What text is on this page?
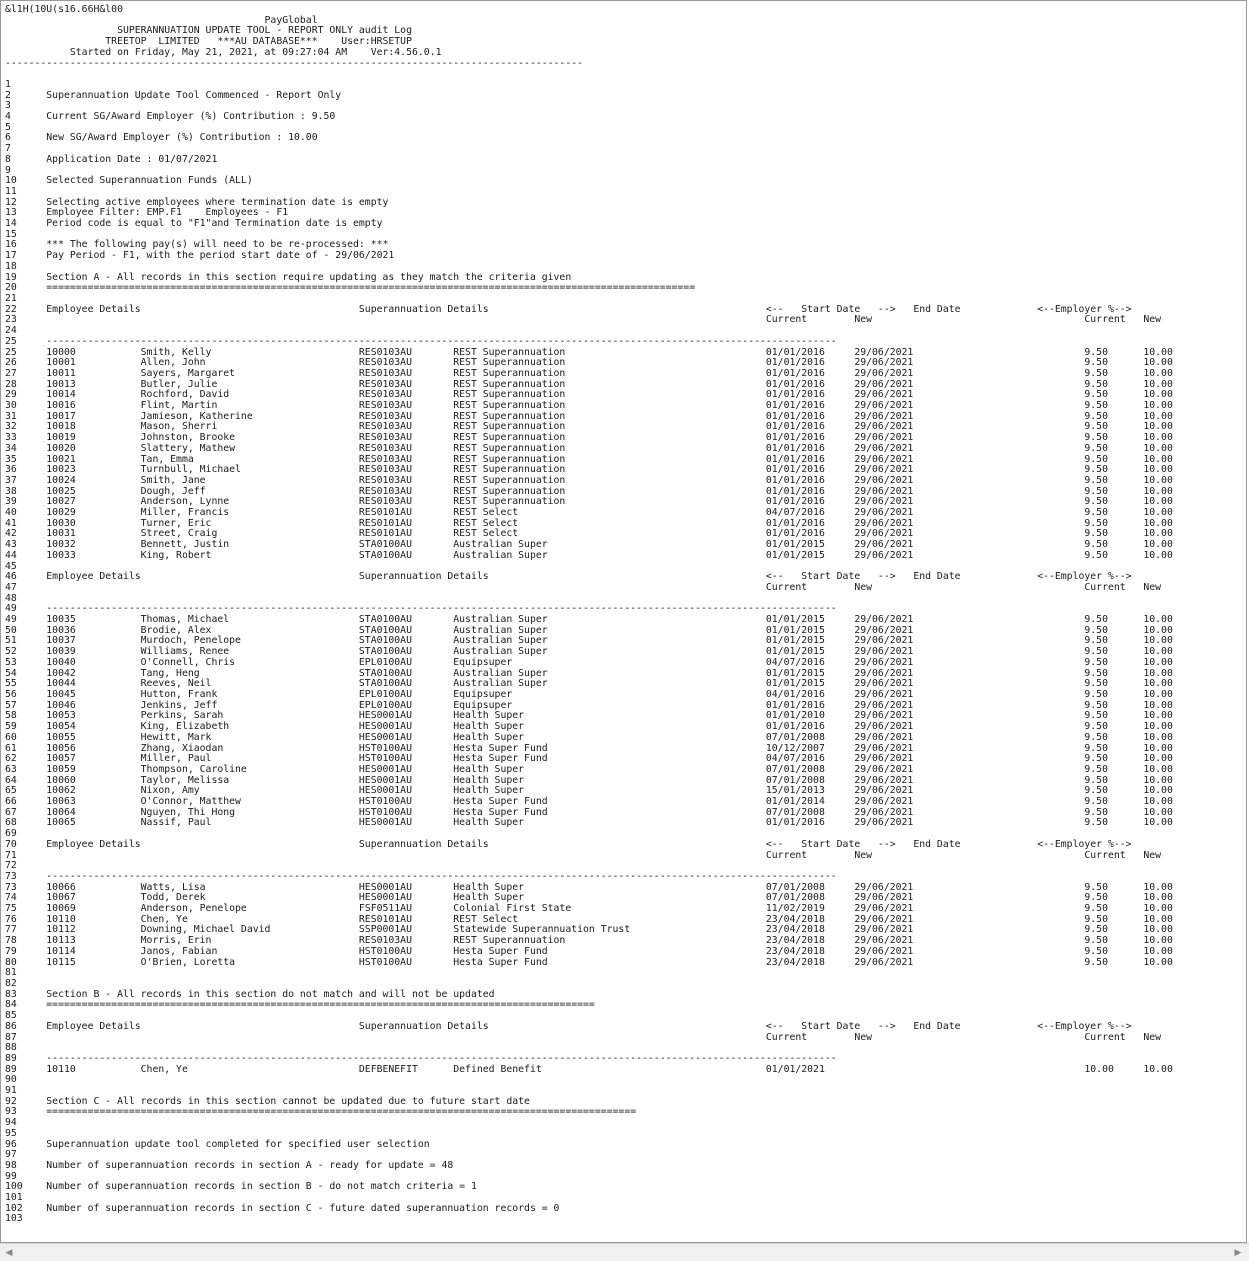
&l1H(10U(s16.66H&l00
PayGlobal
SUPERANNUATION UPDATE TOOL - REPORT ONLY audit Log
TREETOP  LIMITED   ***AU DATABASE***    User:HRSETUP
Started on Friday, May 21, 2021, at 09:27:04 AM    Ver:4.56.0.1
--------------------------------------------------------------------------------------------------

1
2      Superannuation Update Tool Commenced - Report Only
3
4      Current SG/Award Employer (%) Contribution : 9.50
5
6      New SG/Award Employer (%) Contribution : 10.00
7
8      Application Date : 01/07/2021
9
10     Selected Superannuation Funds (ALL)
11
12     Selecting active employees where termination date is empty
13     Employee Filter: EMP.F1    Employees - F1
14     Period code is equal to "F1"and Termination date is empty
15
16     *** The following pay(s) will need to be re-processed: ***
17     Pay Period - F1, with the period start date of - 29/06/2021
18
19     Section A - All records in this section require updating as they match the criteria given
20     ==============================================================================================================
21
22     Employee Details                                     Superannuation Details                                               <--   Start Date   -->   End Date             <--Employer %-->
23                                                                                                                               Current        New                                    Current   New
24
25     --------------------------------------------------------------------------------------------------------------------------------------
25     10000           Smith, Kelly                         RES0103AU       REST Superannuation                                  01/01/2016     29/06/2021                             9.50      10.00
26     10001           Allen, John                          RES0103AU       REST Superannuation                                  01/01/2016     29/06/2021                             9.50      10.00
27     10011           Sayers, Margaret                     RES0103AU       REST Superannuation                                  01/01/2016     29/06/2021                             9.50      10.00
28     10013           Butler, Julie                        RES0103AU       REST Superannuation                                  01/01/2016     29/06/2021                             9.50      10.00
29     10014           Rochford, David                      RES0103AU       REST Superannuation                                  01/01/2016     29/06/2021                             9.50      10.00
30     10016           Flint, Martin                        RES0103AU       REST Superannuation                                  01/01/2016     29/06/2021                             9.50      10.00
31     10017           Jamieson, Katherine                  RES0103AU       REST Superannuation                                  01/01/2016     29/06/2021                             9.50      10.00
32     10018           Mason, Sherri                        RES0103AU       REST Superannuation                                  01/01/2016     29/06/2021                             9.50      10.00
33     10019           Johnston, Brooke                     RES0103AU       REST Superannuation                                  01/01/2016     29/06/2021                             9.50      10.00
34     10020           Slattery, Mathew                     RES0103AU       REST Superannuation                                  01/01/2016     29/06/2021                             9.50      10.00
35     10021           Tan, Emma                            RES0103AU       REST Superannuation                                  01/01/2016     29/06/2021                             9.50      10.00
36     10023           Turnbull, Michael                    RES0103AU       REST Superannuation                                  01/01/2016     29/06/2021                             9.50      10.00
37     10024           Smith, Jane                          RES0103AU       REST Superannuation                                  01/01/2016     29/06/2021                             9.50      10.00
38     10025           Dough, Jeff                          RES0103AU       REST Superannuation                                  01/01/2016     29/06/2021                             9.50      10.00
39     10027           Anderson, Lynne                      RES0103AU       REST Superannuation                                  01/01/2016     29/06/2021                             9.50      10.00
40     10029           Miller, Francis                      RES0101AU       REST Select                                          04/07/2016     29/06/2021                             9.50      10.00
41     10030           Turner, Eric                         RES0101AU       REST Select                                          01/01/2016     29/06/2021                             9.50      10.00
42     10031           Street, Craig                        RES0101AU       REST Select                                          01/01/2016     29/06/2021                             9.50      10.00
43     10032           Bennett, Justin                      STA0100AU       Australian Super                                     01/01/2015     29/06/2021                             9.50      10.00
44     10033           King, Robert                         STA0100AU       Australian Super                                     01/01/2015     29/06/2021                             9.50      10.00
45
46     Employee Details                                     Superannuation Details                                               <--   Start Date   -->   End Date             <--Employer %-->
47                                                                                                                               Current        New                                    Current   New
48
49     --------------------------------------------------------------------------------------------------------------------------------------
49     10035           Thomas, Michael                      STA0100AU       Australian Super                                     01/01/2015     29/06/2021                             9.50      10.00
50     10036           Brodie, Alex                         STA0100AU       Australian Super                                     01/01/2015     29/06/2021                             9.50      10.00
51     10037           Murdoch, Penelope                    STA0100AU       Australian Super                                     01/01/2015     29/06/2021                             9.50      10.00
52     10039           Williams, Renee                      STA0100AU       Australian Super                                     01/01/2015     29/06/2021                             9.50      10.00
53     10040           O'Connell, Chris                     EPL0100AU       Equipsuper                                           04/07/2016     29/06/2021                             9.50      10.00
54     10042           Tang, Heng                           STA0100AU       Australian Super                                     01/01/2015     29/06/2021                             9.50      10.00
55     10044           Reeves, Neil                         STA0100AU       Australian Super                                     01/01/2015     29/06/2021                             9.50      10.00
56     10045           Hutton, Frank                        EPL0100AU       Equipsuper                                           04/01/2016     29/06/2021                             9.50      10.00
57     10046           Jenkins, Jeff                        EPL0100AU       Equipsuper                                           01/01/2016     29/06/2021                             9.50      10.00
58     10053           Perkins, Sarah                       HES0001AU       Health Super                                         01/01/2010     29/06/2021                             9.50      10.00
59     10054           King, Elizabeth                      HES0001AU       Health Super                                         01/01/2016     29/06/2021                             9.50      10.00
60     10055           Hewitt, Mark                         HES0001AU       Health Super                                         07/01/2008     29/06/2021                             9.50      10.00
61     10056           Zhang, Xiaodan                       HST0100AU       Hesta Super Fund                                     10/12/2007     29/06/2021                             9.50      10.00
62     10057           Miller, Paul                         HST0100AU       Hesta Super Fund                                     04/07/2016     29/06/2021                             9.50      10.00
63     10059           Thompson, Caroline                   HES0001AU       Health Super                                         07/01/2008     29/06/2021                             9.50      10.00
64     10060           Taylor, Melissa                      HES0001AU       Health Super                                         07/01/2008     29/06/2021                             9.50      10.00
65     10062           Nixon, Amy                           HES0001AU       Health Super                                         15/01/2013     29/06/2021                             9.50      10.00
66     10063           O'Connor, Matthew                    HST0100AU       Hesta Super Fund                                     01/01/2014     29/06/2021                             9.50      10.00
67     10064           Nguyen, Thi Hong                     HST0100AU       Hesta Super Fund                                     07/01/2008     29/06/2021                             9.50      10.00
68     10065           Nassif, Paul                         HES0001AU       Health Super                                         01/01/2016     29/06/2021                             9.50      10.00
69
70     Employee Details                                     Superannuation Details                                               <--   Start Date   -->   End Date             <--Employer %-->
71                                                                                                                               Current        New                                    Current   New
72
73     --------------------------------------------------------------------------------------------------------------------------------------
73     10066           Watts, Lisa                          HES0001AU       Health Super                                         07/01/2008     29/06/2021                             9.50      10.00
74     10067           Todd, Derek                          HES0001AU       Health Super                                         07/01/2008     29/06/2021                             9.50      10.00
75     10069           Anderson, Penelope                   FSF0511AU       Colonial First State                                 11/02/2019     29/06/2021                             9.50      10.00
76     10110           Chen, Ye                             RES0101AU       REST Select                                          23/04/2018     29/06/2021                             9.50      10.00
77     10112           Downing, Michael David               SSP0001AU       Statewide Superannuation Trust                       23/04/2018     29/06/2021                             9.50      10.00
78     10113           Morris, Erin                         RES0103AU       REST Superannuation                                  23/04/2018     29/06/2021                             9.50      10.00
79     10114           Janos, Fabian                        HST0100AU       Hesta Super Fund                                     23/04/2018     29/06/2021                             9.50      10.00
80     10115           O'Brien, Loretta                     HST0100AU       Hesta Super Fund                                     23/04/2018     29/06/2021                             9.50      10.00
81
82
83     Section B - All records in this section do not match and will not be updated
84     =============================================================================================
85
86     Employee Details                                     Superannuation Details                                               <--   Start Date   -->   End Date             <--Employer %-->
87                                                                                                                               Current        New                                    Current   New
88
89     --------------------------------------------------------------------------------------------------------------------------------------
89     10110           Chen, Ye                             DEFBENEFIT      Defined Benefit                                      01/01/2021                                            10.00     10.00
90
91
92     Section C - All records in this section cannot be updated due to future start date
93     ====================================================================================================
94
95
96     Superannuation update tool completed for specified user selection
97
98     Number of superannuation records in section A - ready for update = 48
99
100    Number of superannuation records in section B - do not match criteria = 1
101
102    Number of superannuation records in section C - future dated superannuation records = 0
103

◀	▶
